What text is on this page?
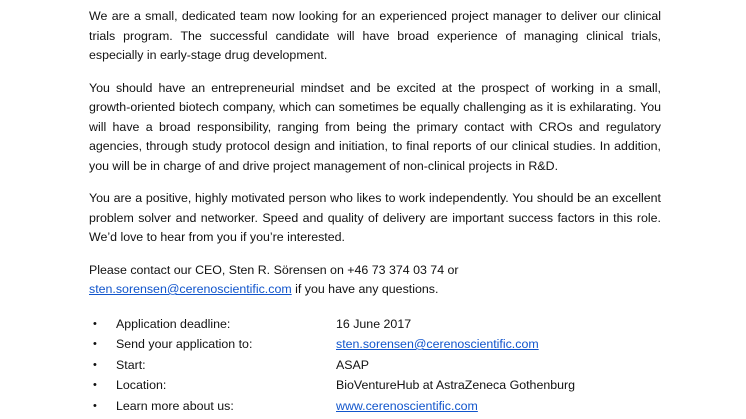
We are a small, dedicated team now looking for an experienced project manager to deliver our clinical trials program. The successful candidate will have broad experience of managing clinical trials, especially in early-stage drug development.

You should have an entrepreneurial mindset and be excited at the prospect of working in a small, growth-oriented biotech company, which can sometimes be equally challenging as it is exhilarating. You will have a broad responsibility, ranging from being the primary contact with CROs and regulatory agencies, through study protocol design and initiation, to final reports of our clinical studies. In addition, you will be in charge of and drive project management of non-clinical projects in R&D.

You are a positive, highly motivated person who likes to work independently. You should be an excellent problem solver and networker. Speed and quality of delivery are important success factors in this role. We’d love to hear from you if you’re interested.

Please contact our CEO, Sten R. Sörensen on +46 73 374 03 74 or
sten.sorensen@cerenoscientific.com if you have any questions.

• Application deadline:	16 June 2017
• Send your application to:	sten.sorensen@cerenoscientific.com
• Start:	ASAP
• Location:	BioVentureHub at AstraZeneca Gothenburg
• Learn more about us:	www.cerenoscientific.com
